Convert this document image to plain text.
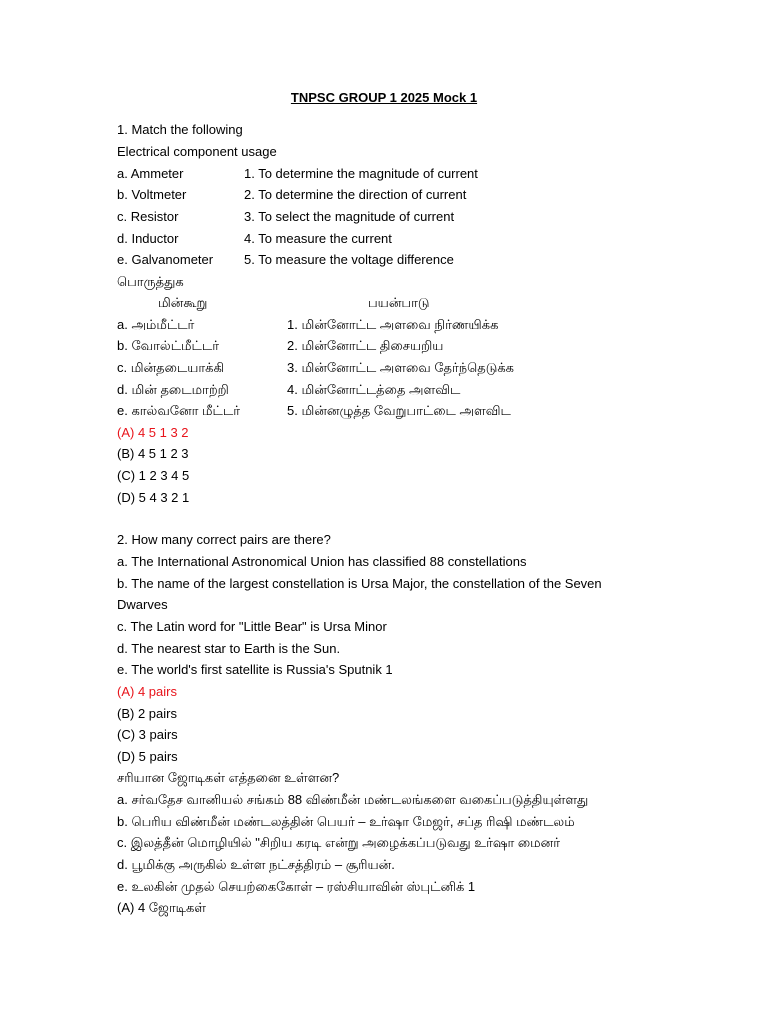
TNPSC GROUP 1 2025 Mock 1
1. Match the following
Electrical component usage
a. Ammeter	1. To determine the magnitude of current
b. Voltmeter	2. To determine the direction of current
c. Resistor	3. To select the magnitude of current
d. Inductor	4. To measure the current
e. Galvanometer 5. To measure the voltage difference
பொருத்துக
மின்கூறு	பயன்பாடு
a. அம்மீட்டர்	1. மின்னோட்ட அளவை நிர்ணயிக்க
b. வோல்ட்மீட்டர்	2. மின்னோட்ட திசையறிய
c. மின்தடையாக்கி	3. மின்னோட்ட அளவை தேர்ந்தெடுக்க
d. மின் தடைமாற்றி	4. மின்னோட்டத்தை அளவிட
e. கால்வனோ மீட்டர்	5. மின்னழுத்த வேறுபாட்டை அளவிட
(A) 4 5 1 3 2
(B) 4 5 1 2 3
(C) 1 2 3 4 5
(D) 5 4 3 2 1
2. How many correct pairs are there?
a. The International Astronomical Union has classified 88 constellations
b. The name of the largest constellation is Ursa Major, the constellation of the Seven
Dwarves
c. The Latin word for "Little Bear" is Ursa Minor
d. The nearest star to Earth is the Sun.
e. The world's first satellite is Russia's Sputnik 1
(A) 4 pairs
(B) 2 pairs
(C) 3 pairs
(D) 5 pairs
சரியான ஜோடிகள் எத்தனை உள்ளன?
a. சர்வதேச வானியல் சங்கம் 88 விண்மீன் மண்டலங்களை வகைப்படுத்தியுள்ளது
b. பெரிய விண்மீன் மண்டலத்தின் பெயர் – உர்ஷா மேஜர், சப்த ரிஷி மண்டலம்
c. இலத்தீன் மொழியில் "சிறிய கரடி என்று அழைக்கப்படுவது உர்ஷா மைனர்
d. பூமிக்கு அருகில் உள்ள நட்சத்திரம் – சூரியன்.
e. உலகின் முதல் செயற்கைகோள் – ரஸ்சியாவின் ஸ்புட்னிக் 1
(A) 4 ஜோடிகள்
